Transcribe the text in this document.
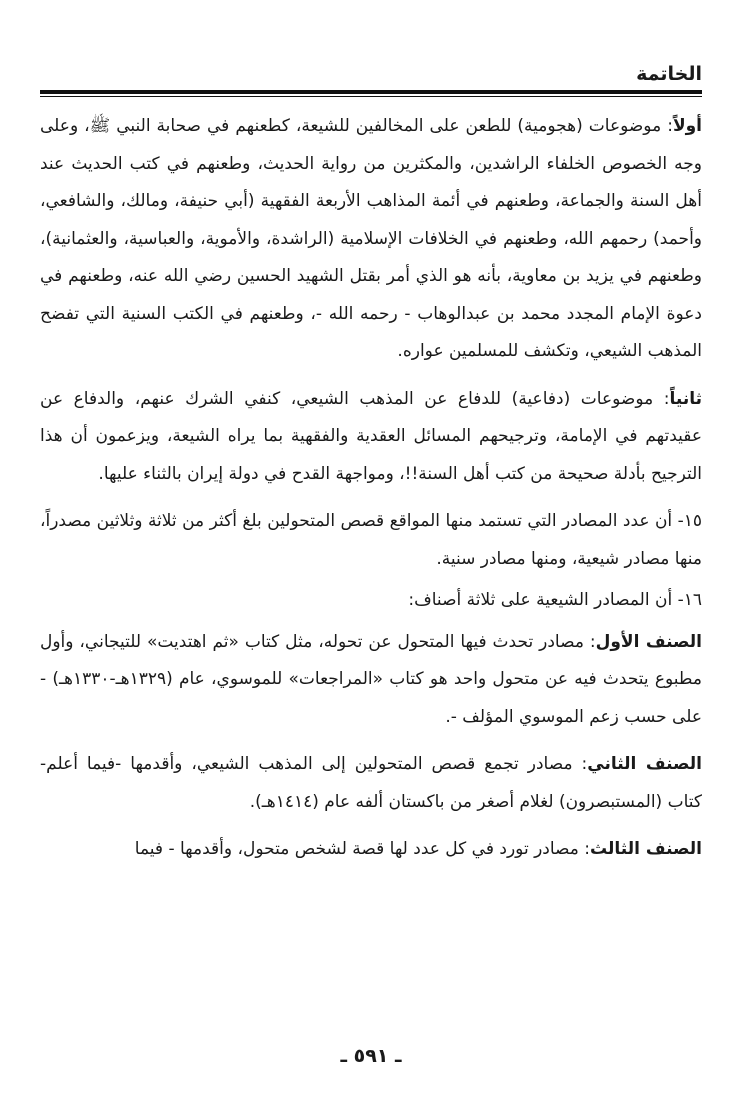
الخاتمة

أولاً: موضوعات (هجومية) للطعن على المخالفين للشيعة، كطعنهم في صحابة النبي ﷺ، وعلى وجه الخصوص الخلفاء الراشدين، والمكثرين من رواية الحديث، وطعنهم في كتب الحديث عند أهل السنة والجماعة، وطعنهم في أئمة المذاهب الأربعة الفقهية (أبي حنيفة، ومالك، والشافعي، وأحمد) رحمهم الله، وطعنهم في الخلافات الإسلامية (الراشدة، والأموية، والعباسية، والعثمانية)، وطعنهم في يزيد بن معاوية، بأنه هو الذي أمر بقتل الشهيد الحسين رضي الله عنه، وطعنهم في دعوة الإمام المجدد محمد بن عبدالوهاب - رحمه الله -، وطعنهم في الكتب السنية التي تفضح المذهب الشيعي، وتكشف للمسلمين عواره.

ثانياً: موضوعات (دفاعية) للدفاع عن المذهب الشيعي، كنفي الشرك عنهم، والدفاع عن عقيدتهم في الإمامة، وترجيحهم المسائل العقدية والفقهية بما يراه الشيعة، ويزعمون أن هذا الترجيح بأدلة صحيحة من كتب أهل السنة!!، ومواجهة القدح في دولة إيران بالثناء عليها.

١٥- أن عدد المصادر التي تستمد منها المواقع قصص المتحولين بلغ أكثر من ثلاثة وثلاثين مصدراً، منها مصادر شيعية، ومنها مصادر سنية.

١٦- أن المصادر الشيعية على ثلاثة أصناف:

الصنف الأول: مصادر تحدث فيها المتحول عن تحوله، مثل كتاب «ثم اهتديت» للتيجاني، وأول مطبوع يتحدث فيه عن متحول واحد هو كتاب «المراجعات» للموسوي، عام (١٣٢٩هـ-١٣٣٠هـ) - على حسب زعم الموسوي المؤلف -.

الصنف الثاني: مصادر تجمع قصص المتحولين إلى المذهب الشيعي، وأقدمها -فيما أعلم- كتاب (المستبصرون) لغلام أصغر من باكستان ألفه عام (١٤١٤هـ).

الصنف الثالث: مصادر تورد في كل عدد لها قصة لشخص متحول، وأقدمها - فيما

ـ ٥٩١ ـ
